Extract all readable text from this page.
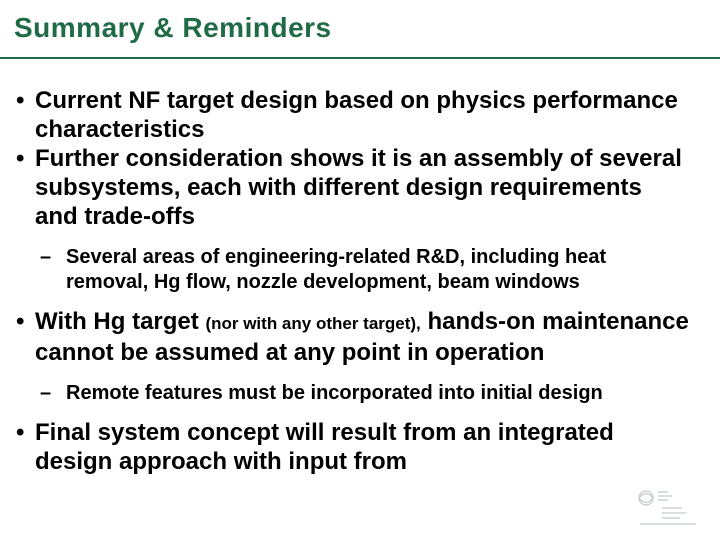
Summary & Reminders

• Current NF target design based on physics performance characteristics

• Further consideration shows it is an assembly of several subsystems, each with different design requirements and trade-offs

– Several areas of engineering-related R&D, including heat removal, Hg flow, nozzle development, beam windows

• With Hg target (nor with any other target), hands-on maintenance cannot be assumed at any point in operation

– Remote features must be incorporated into initial design

• Final system concept will result from an integrated design approach with input from
